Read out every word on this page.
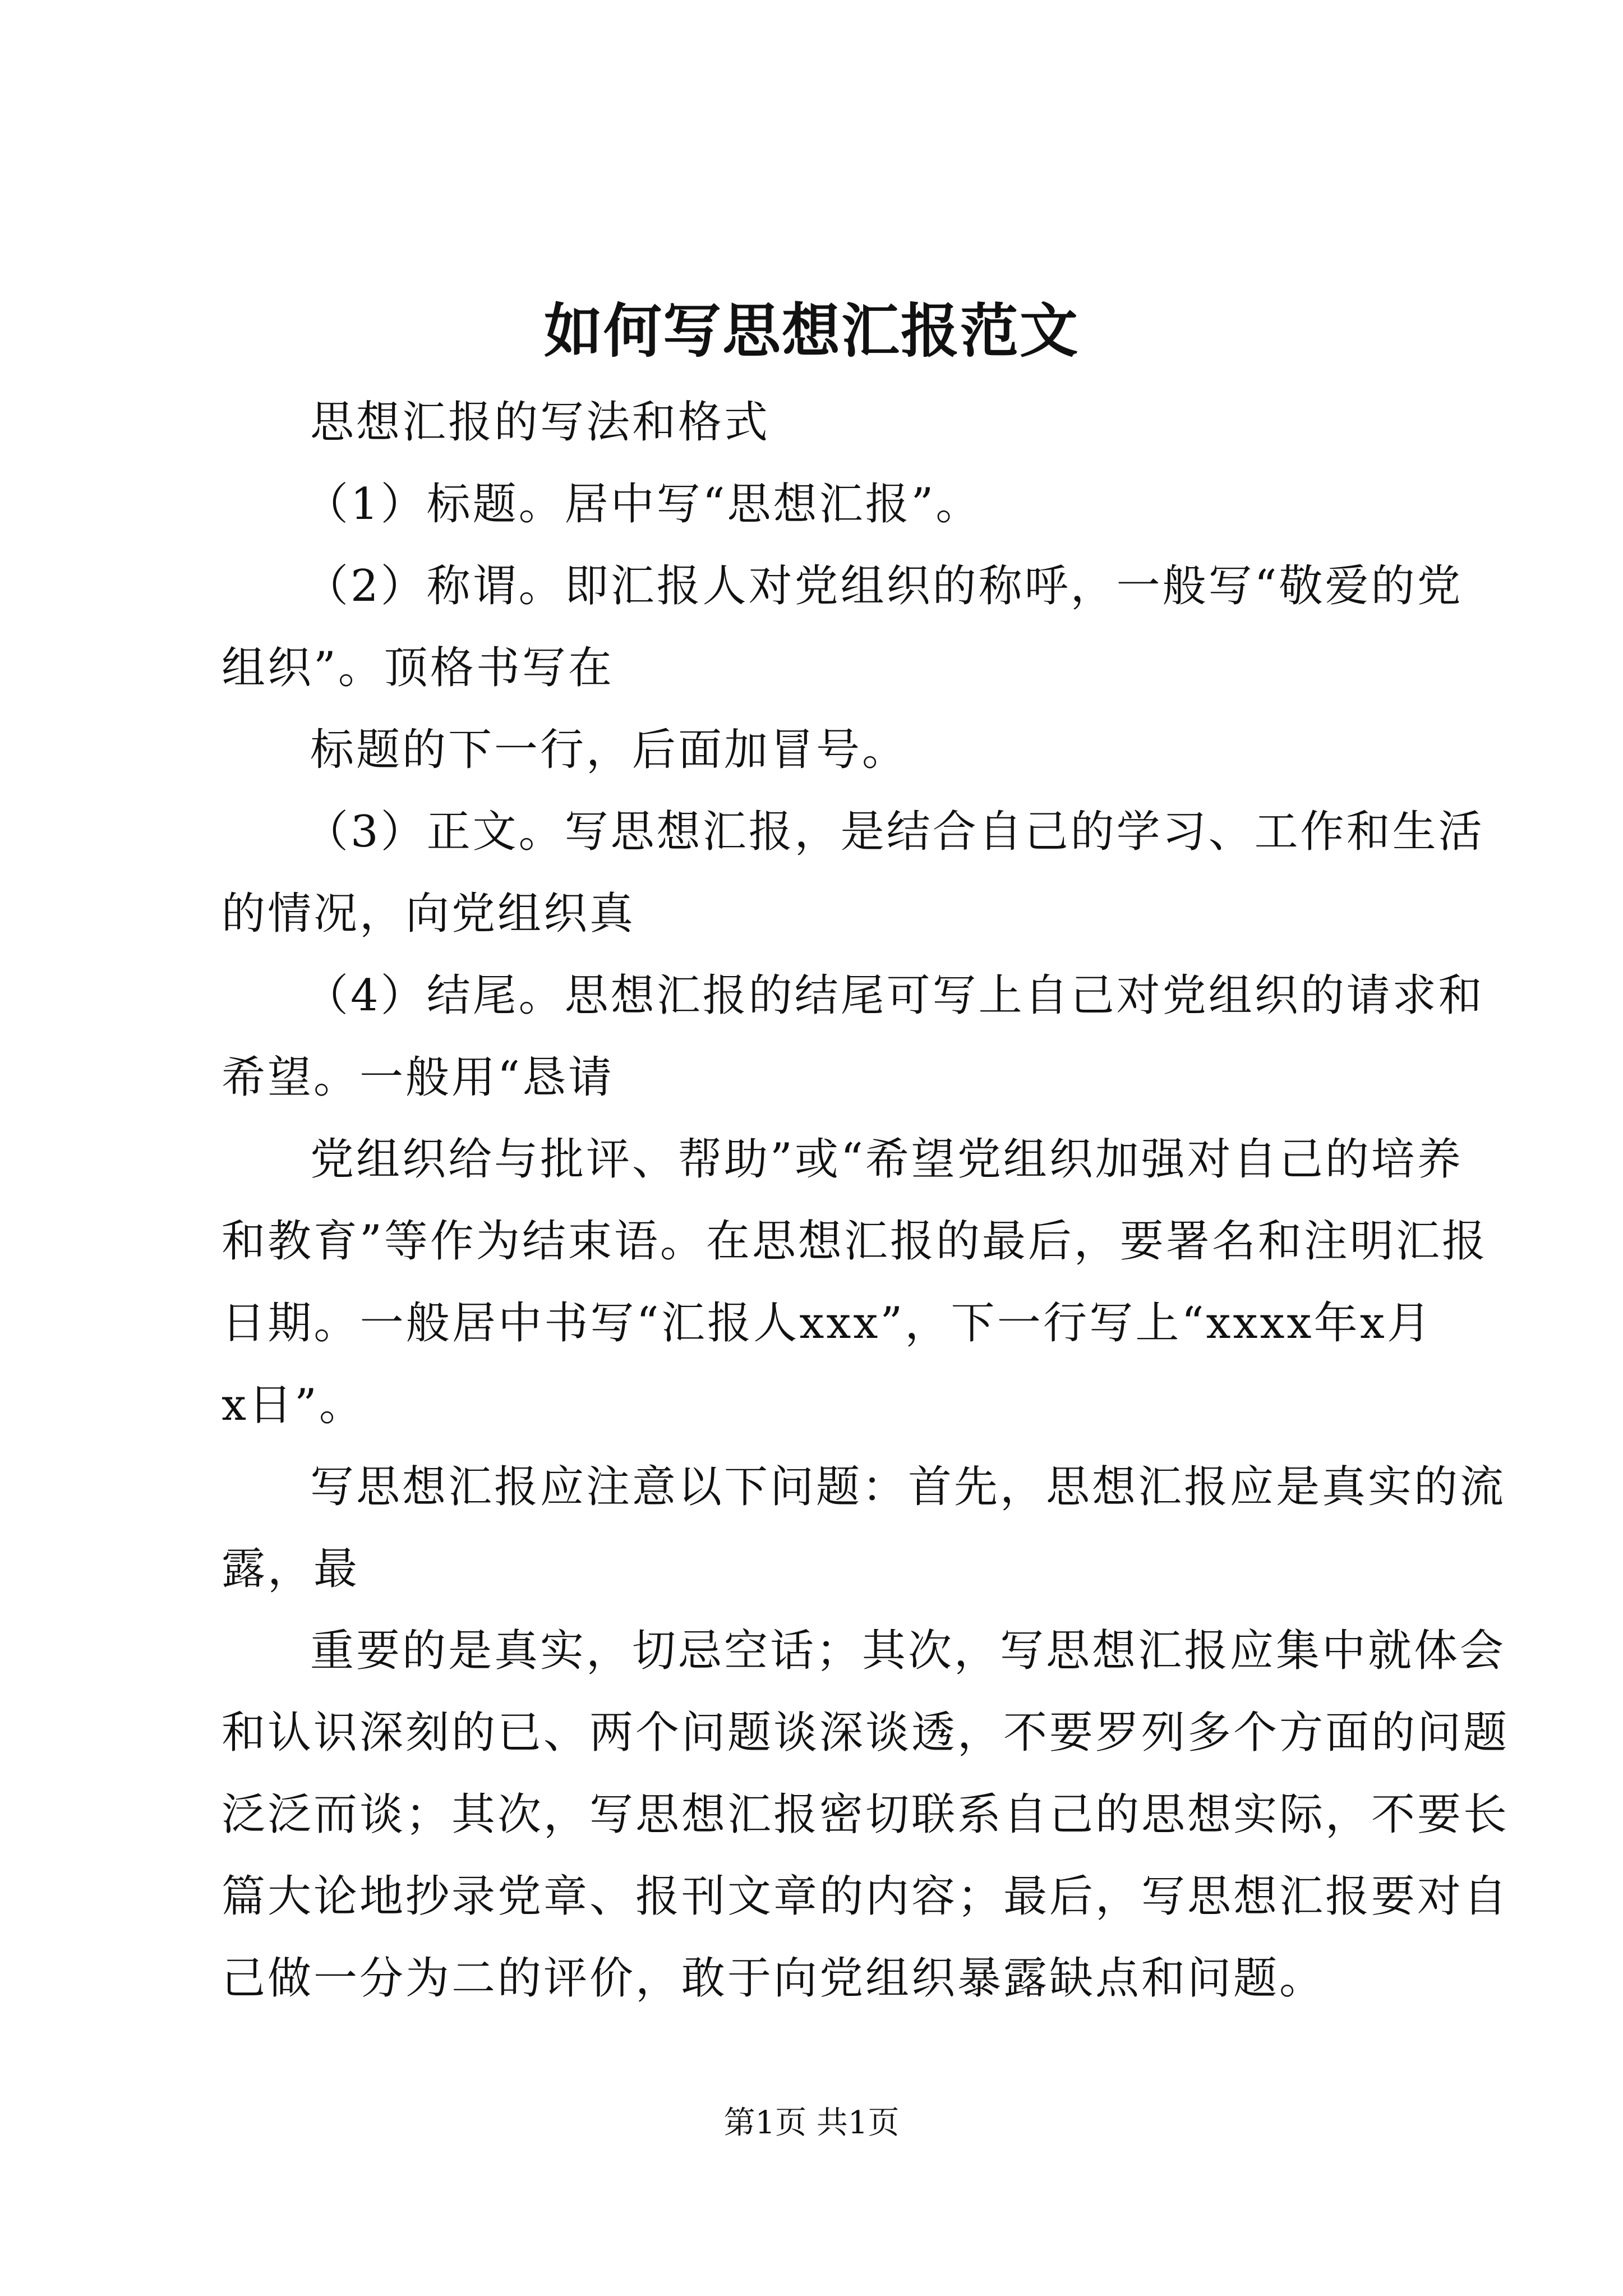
如何写思想汇报范文
思想汇报的写法和格式
（1）标题。居中写“思想汇报”。
（2）称谓。即汇报人对党组织的称呼，一般写“敬爱的党
组织”。顶格书写在
标题的下一行，后面加冒号。
（3）正文。写思想汇报，是结合自己的学习、工作和生活
的情况，向党组织真
（4）结尾。思想汇报的结尾可写上自己对党组织的请求和
希望。一般用“恳请
党组织给与批评、帮助”或“希望党组织加强对自己的培养
和教育”等作为结束语。在思想汇报的最后，要署名和注明汇报
日期。一般居中书写“汇报人xxx”，下一行写上“xxxx年x月
x日”。
写思想汇报应注意以下问题：首先，思想汇报应是真实的流
露，最
重要的是真实，切忌空话；其次，写思想汇报应集中就体会
和认识深刻的已、两个问题谈深谈透，不要罗列多个方面的问题
泛泛而谈；其次，写思想汇报密切联系自己的思想实际，不要长
篇大论地抄录党章、报刊文章的内容；最后，写思想汇报要对自
己做一分为二的评价，敢于向党组织暴露缺点和问题。
第1页 共1页
